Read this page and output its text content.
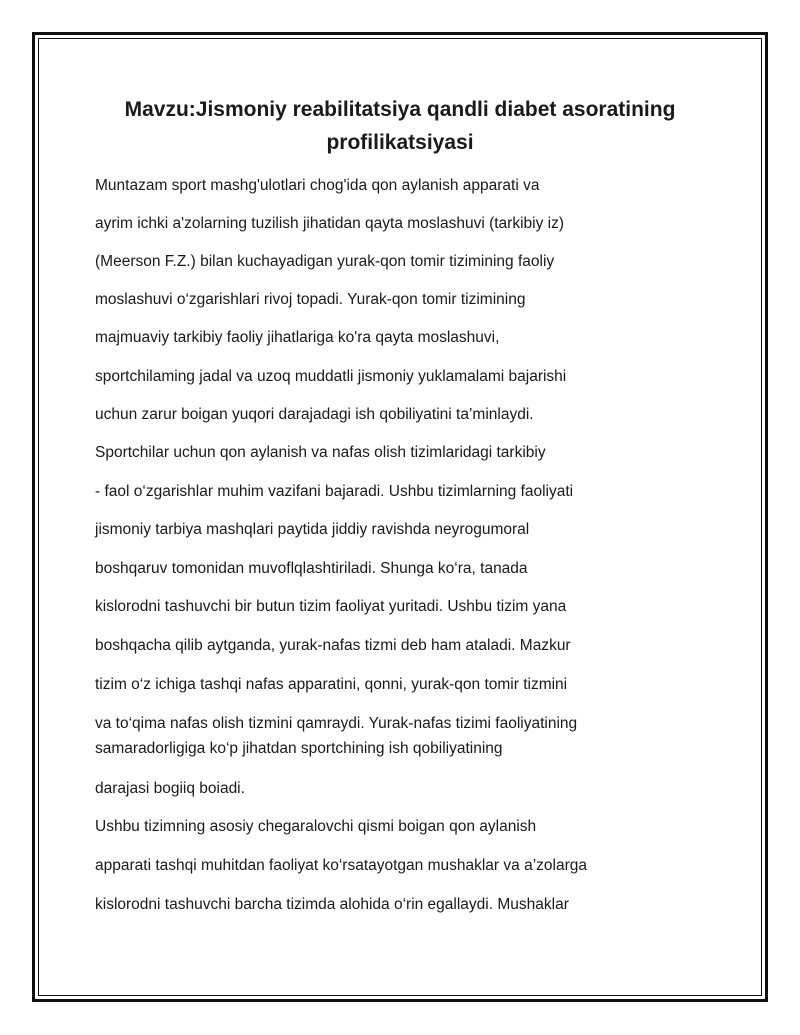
Mavzu:Jismoniy reabilitatsiya qandli diabet asoratining
profilikatsiyasi
Muntazam sport mashg'ulotlari chog'ida qon aylanish apparati va
ayrim ichki a'zolarning tuzilish jihatidan qayta moslashuvi (tarkibiy iz)
(Meerson F.Z.) bilan kuchayadigan yurak-qon tomir tizimining faoliy
moslashuvi o‘zgarishlari rivoj topadi. Yurak-qon tomir tizimining
majmuaviy tarkibiy faoliy jihatlariga ko'ra qayta moslashuvi,
sportchilaming jadal va uzoq muddatli jismoniy yuklamalami bajarishi
uchun zarur boigan yuqori darajadagi ish qobiliyatini ta’minlaydi.
Sportchilar uchun qon aylanish va nafas olish tizimlaridagi tarkibiy
- faol o‘zgarishlar muhim vazifani bajaradi. Ushbu tizimlarning faoliyati
jismoniy tarbiya mashqlari paytida jiddiy ravishda neyrogumoral
boshqaruv tomonidan muvoflqlashtiriladi. Shunga ko‘ra, tanada
kislorodni tashuvchi bir butun tizim faoliyat yuritadi. Ushbu tizim yana
boshqacha qilib aytganda, yurak-nafas tizmi deb ham ataladi. Mazkur
tizim o‘z ichiga tashqi nafas apparatini, qonni, yurak-qon tomir tizmini
va to‘qima nafas olish tizmini qamraydi. Yurak-nafas tizimi faoliyatining
samaradorligiga ko‘p jihatdan sportchining ish qobiliyatining
darajasi bogiiq boiadi.
Ushbu tizimning asosiy chegaralovchi qismi boigan qon aylanish
apparati tashqi muhitdan faoliyat ko‘rsatayotgan mushaklar va a’zolarga
kislorodni tashuvchi barcha tizimda alohida o‘rin egallaydi. Mushaklar
